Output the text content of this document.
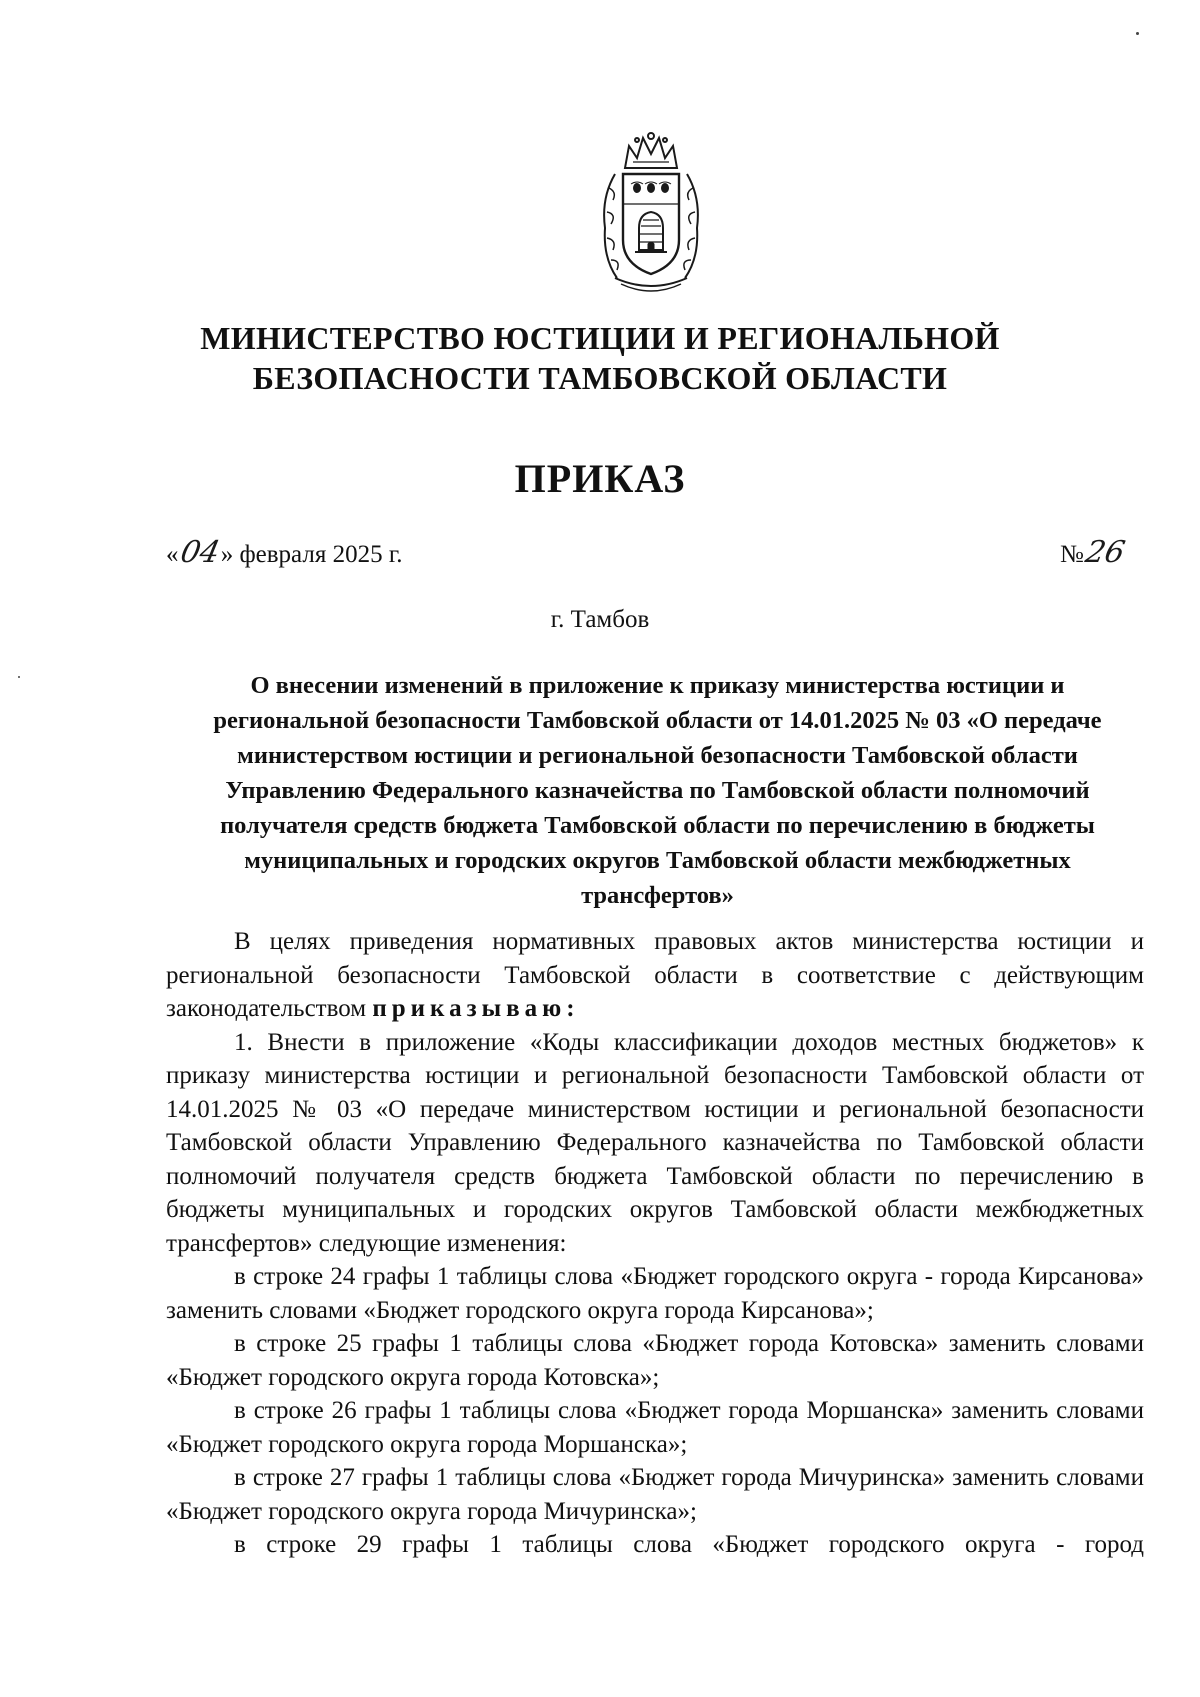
МИНИСТЕРСТВО ЮСТИЦИИ И РЕГИОНАЛЬНОЙ БЕЗОПАСНОСТИ ТАМБОВСКОЙ ОБЛАСТИ
ПРИКАЗ
«04» февраля 2025 г.	№26
г. Тамбов
О внесении изменений в приложение к приказу министерства юстиции и региональной безопасности Тамбовской области от 14.01.2025 № 03 «О передаче министерством юстиции и региональной безопасности Тамбовской области Управлению Федерального казначейства по Тамбовской области полномочий получателя средств бюджета Тамбовской области по перечислению в бюджеты муниципальных и городских округов Тамбовской области межбюджетных трансфертов»

В целях приведения нормативных правовых актов министерства юстиции и региональной безопасности Тамбовской области в соответствие с действующим законодательством приказываю:

1. Внести в приложение «Коды классификации доходов местных бюджетов» к приказу министерства юстиции и региональной безопасности Тамбовской области от 14.01.2025 № 03 «О передаче министерством юстиции и региональной безопасности Тамбовской области Управлению Федерального казначейства по Тамбовской области полномочий получателя средств бюджета Тамбовской области по перечислению в бюджеты муниципальных и городских округов Тамбовской области межбюджетных трансфертов» следующие изменения:

в строке 24 графы 1 таблицы слова «Бюджет городского округа - города Кирсанова» заменить словами «Бюджет городского округа города Кирсанова»;

в строке 25 графы 1 таблицы слова «Бюджет города Котовска» заменить словами «Бюджет городского округа города Котовска»;

в строке 26 графы 1 таблицы слова «Бюджет города Моршанска» заменить словами «Бюджет городского округа города Моршанска»;

в строке 27 графы 1 таблицы слова «Бюджет города Мичуринска» заменить словами «Бюджет городского округа города Мичуринска»;

в строке 29 графы 1 таблицы слова «Бюджет городского округа - город
